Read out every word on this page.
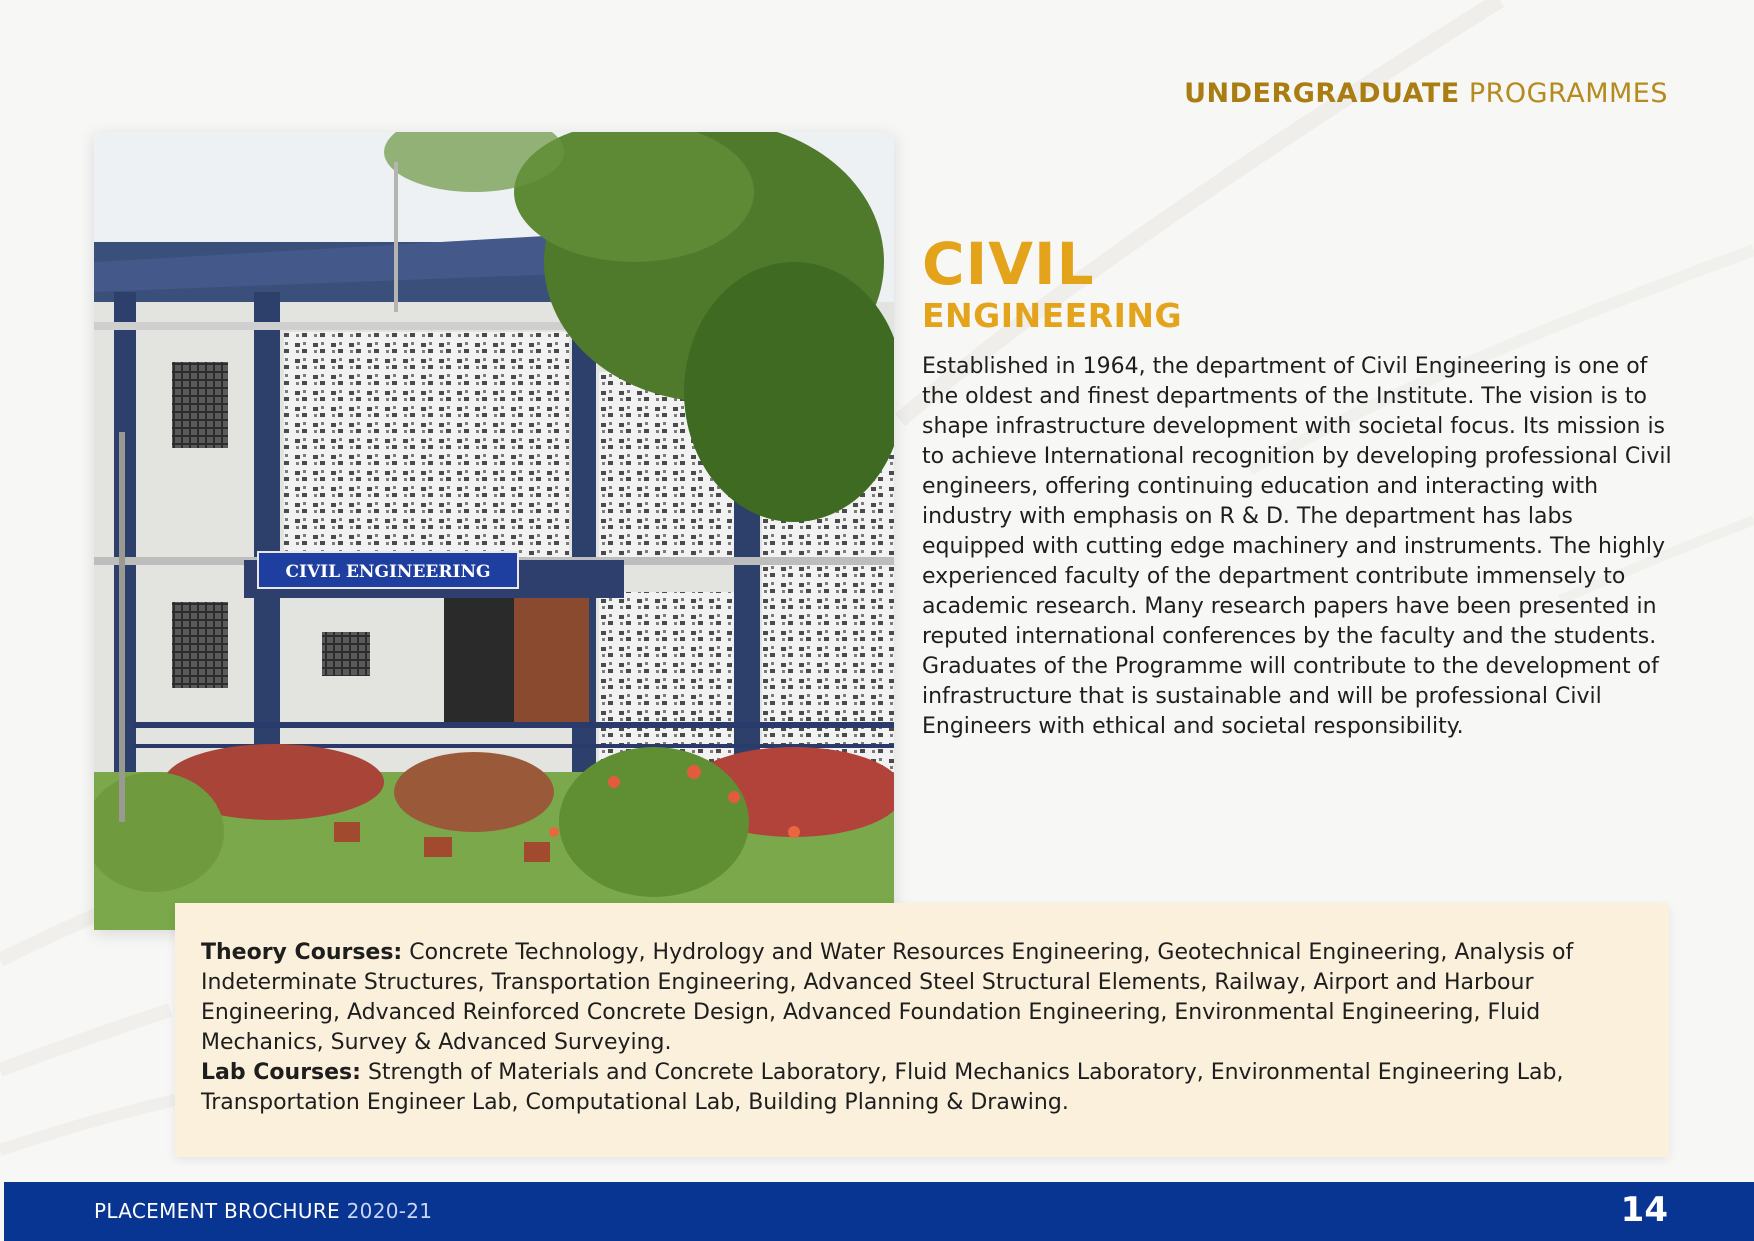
UNDERGRADUATE PROGRAMMES
CIVIL ENGINEERING
CIVIL
ENGINEERING

Established in 1964, the department of Civil Engineering is one of the oldest and finest departments of the Institute. The vision is to shape infrastructure development with societal focus. Its mission is to achieve International recognition by developing professional Civil engineers, offering continuing education and interacting with industry with emphasis on R & D. The department has labs equipped with cutting edge machinery and instruments. The highly experienced faculty of the department contribute immensely to academic research. Many research papers have been presented in reputed international conferences by the faculty and the students.

Graduates of the Programme will contribute to the development of infrastructure that is sustainable and will be professional Civil Engineers with ethical and societal responsibility.

Theory Courses: Concrete Technology, Hydrology and Water Resources Engineering, Geotechnical Engineering, Analysis of Indeterminate Structures, Transportation Engineering, Advanced Steel Structural Elements, Railway, Airport and Harbour Engineering, Advanced Reinforced Concrete Design, Advanced Foundation Engineering, Environmental Engineering, Fluid Mechanics, Survey & Advanced Surveying.

Lab Courses: Strength of Materials and Concrete Laboratory, Fluid Mechanics Laboratory, Environmental Engineering Lab, Transportation Engineer Lab, Computational Lab, Building Planning & Drawing.

PLACEMENT BROCHURE 2020-21	14
